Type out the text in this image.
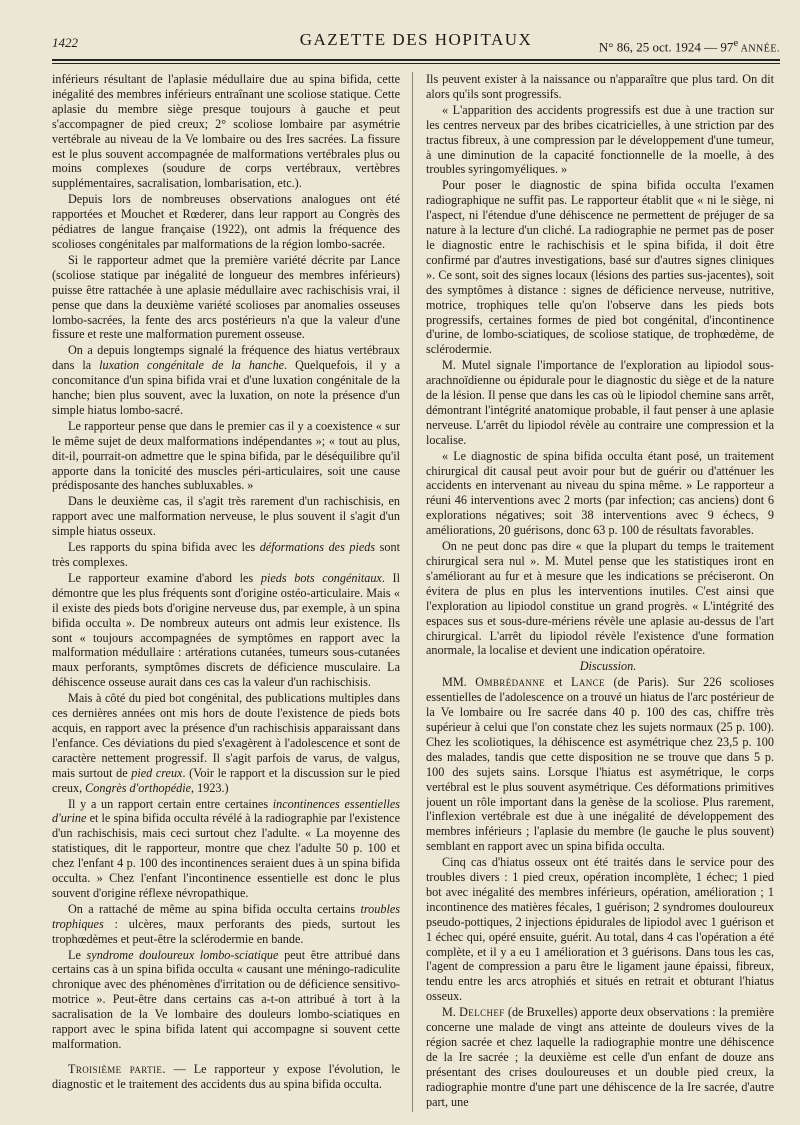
1422	GAZETTE DES HOPITAUX	N° 86, 25 oct. 1924 — 97e ANNÉE.

inférieurs résultant de l'aplasie médullaire due au spina bifida, cette inégalité des membres inférieurs entraînant une scoliose statique. Cette aplasie du membre siège presque toujours à gauche et peut s'accompagner de pied creux; 2° scoliose lombaire par asymétrie vertébrale au niveau de la Ve lombaire ou des Ires sacrées. La fissure est le plus souvent accompagnée de malformations vertébrales plus ou moins complexes (soudure de corps vertébraux, vertèbres supplémentaires, sacralisation, lombarisation, etc.).

Depuis lors de nombreuses observations analogues ont été rapportées et Mouchet et Rœderer, dans leur rapport au Congrès des pédiatres de langue française (1922), ont admis la fréquence des scolioses congénitales par malformations de la région lombo-sacrée.

Si le rapporteur admet que la première variété décrite par Lance (scoliose statique par inégalité de longueur des membres inférieurs) puisse être rattachée à une aplasie médullaire avec rachischisis vrai, il pense que dans la deuxième variété scolioses par anomalies osseuses lombo-sacrées, la fente des arcs postérieurs n'a que la valeur d'une fissure et reste une malformation purement osseuse.

On a depuis longtemps signalé la fréquence des hiatus vertébraux dans la luxation congénitale de la hanche. Quelquefois, il y a concomitance d'un spina bifida vrai et d'une luxation congénitale de la hanche; bien plus souvent, avec la luxation, on note la présence d'un simple hiatus lombo-sacré.

Le rapporteur pense que dans le premier cas il y a coexistence « sur le même sujet de deux malformations indépendantes »; « tout au plus, dit-il, pourrait-on admettre que le spina bifida, par le déséquilibre qu'il apporte dans la tonicité des muscles péri-articulaires, soit une cause prédisposante des hanches subluxables. »

Dans le deuxième cas, il s'agit très rarement d'un rachischisis, en rapport avec une malformation nerveuse, le plus souvent il s'agit d'un simple hiatus osseux.

Les rapports du spina bifida avec les déformations des pieds sont très complexes.

Le rapporteur examine d'abord les pieds bots congénitaux. Il démontre que les plus fréquents sont d'origine ostéo-articulaire. Mais « il existe des pieds bots d'origine nerveuse dus, par exemple, à un spina bifida occulta ». De nombreux auteurs ont admis leur existence. Ils sont « toujours accompagnées de symptômes en rapport avec la malformation médullaire : artérations cutanées, tumeurs sous-cutanées maux perforants, symptômes discrets de déficience musculaire. La déhiscence osseuse aurait dans ces cas la valeur d'un rachischisis.

Mais à côté du pied bot congénital, des publications multiples dans ces dernières années ont mis hors de doute l'existence de pieds bots acquis, en rapport avec la présence d'un rachischisis apparaissant dans l'enfance. Ces déviations du pied s'exagèrent à l'adolescence et sont de caractère nettement progressif. Il s'agit parfois de varus, de valgus, mais surtout de pied creux. (Voir le rapport et la discussion sur le pied creux, Congrès d'orthopédie, 1923.)

Il y a un rapport certain entre certaines incontinences essentielles d'urine et le spina bifida occulta révélé à la radiographie par l'existence d'un rachischisis, mais ceci surtout chez l'adulte. « La moyenne des statistiques, dit le rapporteur, montre que chez l'adulte 50 p. 100 et chez l'enfant 4 p. 100 des incontinences seraient dues à un spina bifida occulta. » Chez l'enfant l'incontinence essentielle est donc le plus souvent d'origine réflexe névropathique.

On a rattaché de même au spina bifida occulta certains troubles trophiques : ulcères, maux perforants des pieds, surtout les trophœdèmes et peut-être la sclérodermie en bande.

Le syndrome douloureux lombo-sciatique peut être attribué dans certains cas à un spina bifida occulta « causant une méningo-radiculite chronique avec des phénomènes d'irritation ou de déficience sensitivo-motrice ». Peut-être dans certains cas a-t-on attribué à tort à la sacralisation de la Ve lombaire des douleurs lombo-sciatiques en rapport avec le spina bifida latent qui accompagne si souvent cette malformation.

Troisième partie. — Le rapporteur y expose l'évolution, le diagnostic et le traitement des accidents dus au spina bifida occulta.

Ils peuvent exister à la naissance ou n'apparaître que plus tard. On dit alors qu'ils sont progressifs.

« L'apparition des accidents progressifs est due à une traction sur les centres nerveux par des bribes cicatricielles, à une striction par des tractus fibreux, à une compression par le développement d'une tumeur, à une diminution de la capacité fonctionnelle de la moelle, à des troubles syringomyéliques. »

Pour poser le diagnostic de spina bifida occulta l'examen radiographique ne suffit pas. Le rapporteur établit que « ni le siège, ni l'aspect, ni l'étendue d'une déhiscence ne permettent de préjuger de sa nature à la lecture d'un cliché. La radiographie ne permet pas de poser le diagnostic entre le rachischisis et le spina bifida, il doit être confirmé par d'autres investigations, basé sur d'autres signes cliniques ». Ce sont, soit des signes locaux (lésions des parties sus-jacentes), soit des symptômes à distance : signes de déficience nerveuse, nutritive, motrice, trophiques telle qu'on l'observe dans les pieds bots progressifs, certaines formes de pied bot congénital, d'incontinence d'urine, de lombo-sciatiques, de scoliose statique, de trophœdème, de sclérodermie.

M. Mutel signale l'importance de l'exploration au lipiodol sous-arachnoïdienne ou épidurale pour le diagnostic du siège et de la nature de la lésion. Il pense que dans les cas où le lipiodol chemine sans arrêt, démontrant l'intégrité anatomique probable, il faut penser à une aplasie nerveuse. L'arrêt du lipiodol révèle au contraire une compression et la localise.

« Le diagnostic de spina bifida occulta étant posé, un traitement chirurgical dit causal peut avoir pour but de guérir ou d'atténuer les accidents en intervenant au niveau du spina même. » Le rapporteur a réuni 46 interventions avec 2 morts (par infection; cas anciens) dont 6 explorations négatives; soit 38 interventions avec 9 échecs, 9 améliorations, 20 guérisons, donc 63 p. 100 de résultats favorables.

On ne peut donc pas dire « que la plupart du temps le traitement chirurgical sera nul ». M. Mutel pense que les statistiques iront en s'améliorant au fur et à mesure que les indications se préciseront. On évitera de plus en plus les interventions inutiles. C'est ainsi que l'exploration au lipiodol constitue un grand progrès. « L'intégrité des espaces sus et sous-dure-mériens révèle une aplasie au-dessus de l'art chirurgical. L'arrêt du lipiodol révèle l'existence d'une formation anormale, la localise et devient une indication opératoire.

Discussion.

MM. Ombrédanne et Lance (de Paris). Sur 226 scolioses essentielles de l'adolescence on a trouvé un hiatus de l'arc postérieur de la Ve lombaire ou Ire sacrée dans 40 p. 100 des cas, chiffre très supérieur à celui que l'on constate chez les sujets normaux (25 p. 100). Chez les scoliotiques, la déhiscence est asymétrique chez 23,5 p. 100 des malades, tandis que cette disposition ne se trouve que dans 5 p. 100 des sujets sains. Lorsque l'hiatus est asymétrique, le corps vertébral est le plus souvent asymétrique. Ces déformations primitives jouent un rôle important dans la genèse de la scoliose. Plus rarement, l'inflexion vertébrale est due à une inégalité de développement des membres inférieurs ; l'aplasie du membre (le gauche le plus souvent) semblant en rapport avec un spina bifida occulta.

Cinq cas d'hiatus osseux ont été traités dans le service pour des troubles divers : 1 pied creux, opération incomplète, 1 échec; 1 pied bot avec inégalité des membres inférieurs, opération, amélioration ; 1 incontinence des matières fécales, 1 guérison; 2 syndromes douloureux pseudo-pottiques, 2 injections épidurales de lipiodol avec 1 guérison et 1 échec qui, opéré ensuite, guérit. Au total, dans 4 cas l'opération a été complète, et il y a eu 1 amélioration et 3 guérisons. Dans tous les cas, l'agent de compression a paru être le ligament jaune épaissi, fibreux, tendu entre les arcs atrophiés et situés en retrait et obturant l'hiatus osseux.

M. Delchef (de Bruxelles) apporte deux observations : la première concerne une malade de vingt ans atteinte de douleurs vives de la région sacrée et chez laquelle la radiographie montre une déhiscence de la Ire sacrée ; la deuxième est celle d'un enfant de douze ans présentant des crises douloureuses et un double pied creux, la radiographie montre d'une part une déhiscence de la Ire sacrée, d'autre part, une
